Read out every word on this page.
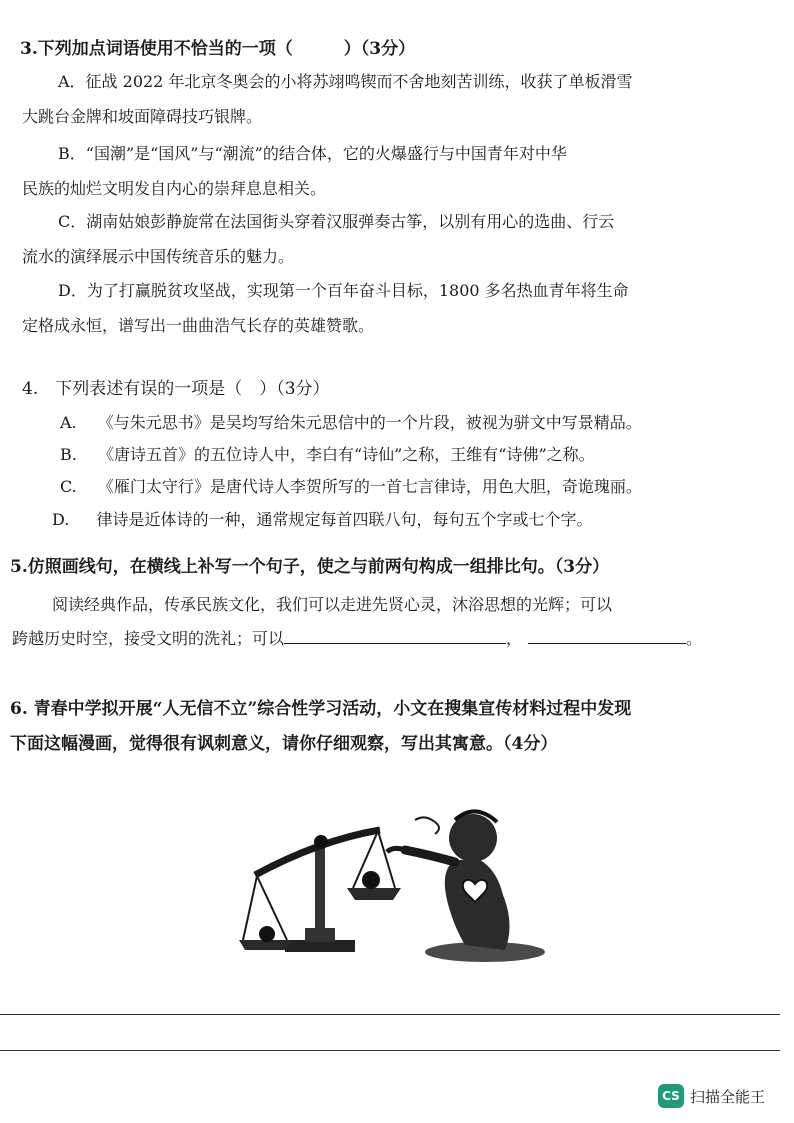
3.下列加点词语使用不恰当的一项（　　　）（3分）
A．征战 2022 年北京冬奥会的小将苏翊鸣锲而不舍地刻苦训练，收获了单板滑雪
大跳台金牌和坡面障碍技巧银牌。
B．“国潮”是“国风”与“潮流”的结合体，它的火爆盛行与中国青年对中华
民族的灿烂文明发自内心的崇拜息息相关。
C．湖南姑娘彭静旋常在法国街头穿着汉服弹奏古筝，以别有用心的选曲、行云
流水的演绎展示中国传统音乐的魅力。
D．为了打赢脱贫攻坚战，实现第一个百年奋斗目标，1800 多名热血青年将生命
定格成永恒，谱写出一曲曲浩气长存的英雄赞歌。
4.　下列表述有误的一项是（　）（3分）
A. 《与朱元思书》是吴均写给朱元思信中的一个片段，被视为骈文中写景精品。
B. 《唐诗五首》的五位诗人中，李白有“诗仙”之称，王维有“诗佛”之称。
C. 《雁门太守行》是唐代诗人李贺所写的一首七言律诗，用色大胆，奇诡瑰丽。
D. 律诗是近体诗的一种，通常规定每首四联八句，每句五个字或七个字。
5.仿照画线句，在横线上补写一个句子，使之与前两句构成一组排比句。（3分）
阅读经典作品，传承民族文化，我们可以走进先贤心灵，沐浴思想的光辉；可以
跨越历史时空，接受文明的洗礼；可以	，	。
6. 青春中学拟开展“人无信不立”综合性学习活动，小文在搜集宣传材料过程中发现
下面这幅漫画，觉得很有讽刺意义，请你仔细观察，写出其寓意。（4分）
CS 扫描全能王
